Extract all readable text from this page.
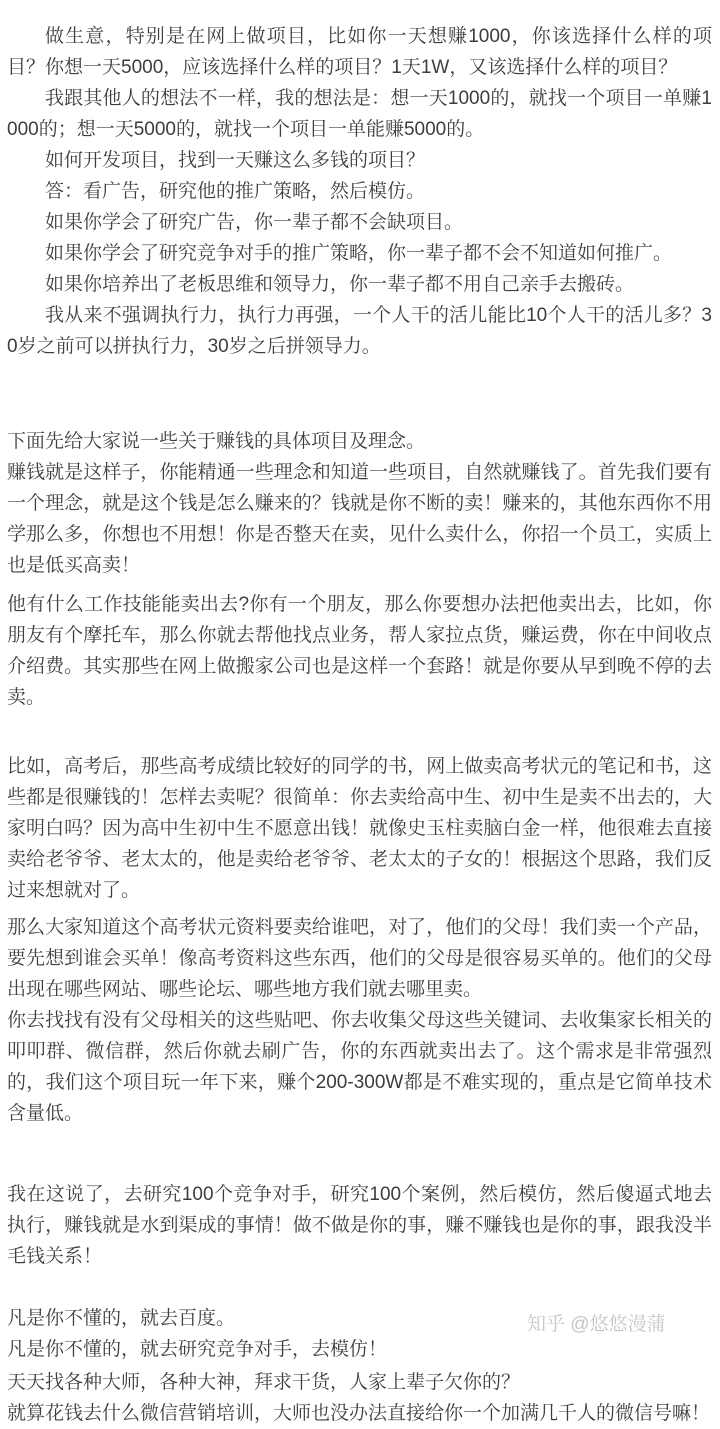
做生意，特别是在网上做项目，比如你一天想赚1000，你该选择什么样的项目？你想一天5000，应该选择什么样的项目？1天1W，又该选择什么样的项目？

我跟其他人的想法不一样，我的想法是：想一天1000的，就找一个项目一单赚1000的；想一天5000的，就找一个项目一单能赚5000的。

如何开发项目，找到一天赚这么多钱的项目？

答：看广告，研究他的推广策略，然后模仿。

如果你学会了研究广告，你一辈子都不会缺项目。

如果你学会了研究竞争对手的推广策略，你一辈子都不会不知道如何推广。

如果你培养出了老板思维和领导力，你一辈子都不用自己亲手去搬砖。

我从来不强调执行力，执行力再强，一个人干的活儿能比10个人干的活儿多？30岁之前可以拼执行力，30岁之后拼领导力。

下面先给大家说一些关于赚钱的具体项目及理念。

赚钱就是这样子，你能精通一些理念和知道一些项目，自然就赚钱了。首先我们要有一个理念，就是这个钱是怎么赚来的？钱就是你不断的卖！赚来的，其他东西你不用学那么多，你想也不用想！你是否整天在卖，见什么卖什么，你招一个员工，实质上也是低买高卖！

他有什么工作技能能卖出去?你有一个朋友，那么你要想办法把他卖出去，比如，你朋友有个摩托车，那么你就去帮他找点业务，帮人家拉点货，赚运费，你在中间收点介绍费。其实那些在网上做搬家公司也是这样一个套路！就是你要从早到晚不停的去卖。

比如，高考后，那些高考成绩比较好的同学的书，网上做卖高考状元的笔记和书，这些都是很赚钱的！怎样去卖呢？很简单：你去卖给高中生、初中生是卖不出去的，大家明白吗？因为高中生初中生不愿意出钱！就像史玉柱卖脑白金一样，他很难去直接卖给老爷爷、老太太的，他是卖给老爷爷、老太太的子女的！根据这个思路，我们反过来想就对了。

那么大家知道这个高考状元资料要卖给谁吧，对了，他们的父母！我们卖一个产品，要先想到谁会买单！像高考资料这些东西，他们的父母是很容易买单的。他们的父母出现在哪些网站、哪些论坛、哪些地方我们就去哪里卖。

你去找找有没有父母相关的这些贴吧、你去收集父母这些关键词、去收集家长相关的叩叩群、微信群，然后你就去刷广告，你的东西就卖出去了。这个需求是非常强烈的，我们这个项目玩一年下来，赚个200-300W都是不难实现的，重点是它简单技术含量低。

我在这说了，去研究100个竞争对手，研究100个案例，然后模仿，然后傻逼式地去执行，赚钱就是水到渠成的事情！做不做是你的事，赚不赚钱也是你的事，跟我没半毛钱关系！

凡是你不懂的，就去百度。

凡是你不懂的，就去研究竞争对手，去模仿！

天天找各种大师，各种大神，拜求干货，人家上辈子欠你的？

就算花钱去什么微信营销培训，大师也没办法直接给你一个加满几千人的微信号嘛！

知乎 @悠悠漫蒲
